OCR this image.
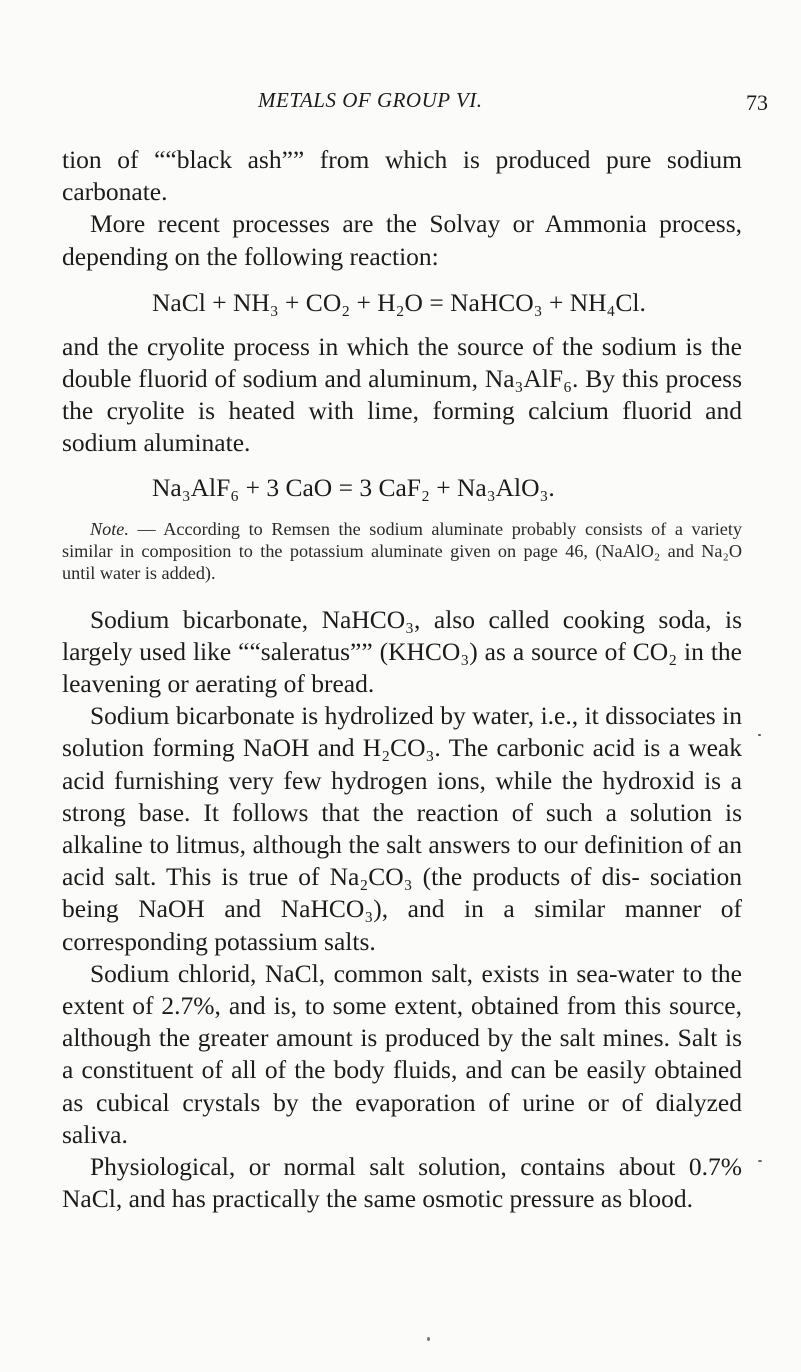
METALS OF GROUP VI.	73

tion of ““black ash”” from which is produced pure sodium carbonate.

More recent processes are the Solvay or Ammonia process, depending on the following reaction:

NaCl + NH₃ + CO₂ + H₂O = NaHCO₃ + NH₄Cl.

and the cryolite process in which the source of the sodium is the double fluorid of sodium and aluminum, Na₃AlF₆. By this process the cryolite is heated with lime, forming calcium fluorid and sodium aluminate.

Na₃AlF₆ + 3 CaO = 3 CaF₂ + Na₃AlO₃.

Note. — According to Remsen the sodium aluminate probably consists of a variety similar in composition to the potassium aluminate given on page 46, (NaAlO₂ and Na₂O until water is added).

Sodium bicarbonate, NaHCO₃, also called cooking soda, is largely used like ““saleratus”” (KHCO₃) as a source of CO₂ in the leavening or aerating of bread.

Sodium bicarbonate is hydrolized by water, i.e., it dissociates in solution forming NaOH and H₂CO₃. The carbonic acid is a weak acid furnishing very few hydrogen ions, while the hydroxid is a strong base. It follows that the reaction of such a solution is alkaline to litmus, although the salt answers to our definition of an acid salt. This is true of Na₂CO₃ (the products of dis- sociation being NaOH and NaHCO₃), and in a similar manner of corresponding potassium salts.

Sodium chlorid, NaCl, common salt, exists in sea-water to the extent of 2.7%, and is, to some extent, obtained from this source, although the greater amount is produced by the salt mines. Salt is a constituent of all of the body fluids, and can be easily obtained as cubical crystals by the evaporation of urine or of dialyzed saliva.

Physiological, or normal salt solution, contains about 0.7% NaCl, and has practically the same osmotic pressure as blood.
